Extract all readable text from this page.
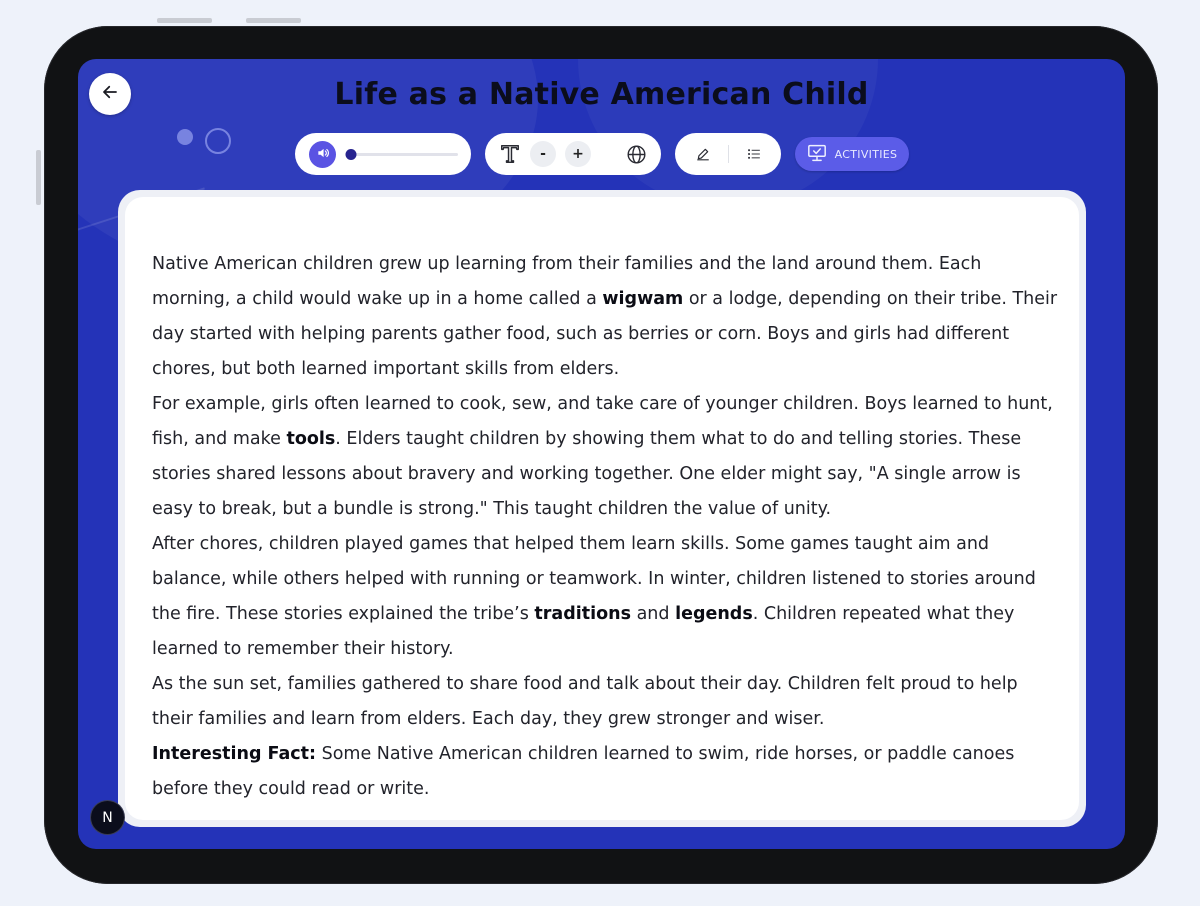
Life as a Native American Child
-	+	ACTIVITIES

Native American children grew up learning from their families and the land around them. Each morning, a child would wake up in a home called a wigwam or a lodge, depending on their tribe. Their day started with helping parents gather food, such as berries or corn. Boys and girls had different chores, but both learned important skills from elders.

For example, girls often learned to cook, sew, and take care of younger children. Boys learned to hunt, fish, and make tools. Elders taught children by showing them what to do and telling stories. These stories shared lessons about bravery and working together. One elder might say, "A single arrow is easy to break, but a bundle is strong." This taught children the value of unity.

After chores, children played games that helped them learn skills. Some games taught aim and balance, while others helped with running or teamwork. In winter, children listened to stories around the fire. These stories explained the tribe’s traditions and legends. Children repeated what they learned to remember their history.

As the sun set, families gathered to share food and talk about their day. Children felt proud to help their families and learn from elders. Each day, they grew stronger and wiser.

Interesting Fact: Some Native American children learned to swim, ride horses, or paddle canoes before they could read or write.

N
